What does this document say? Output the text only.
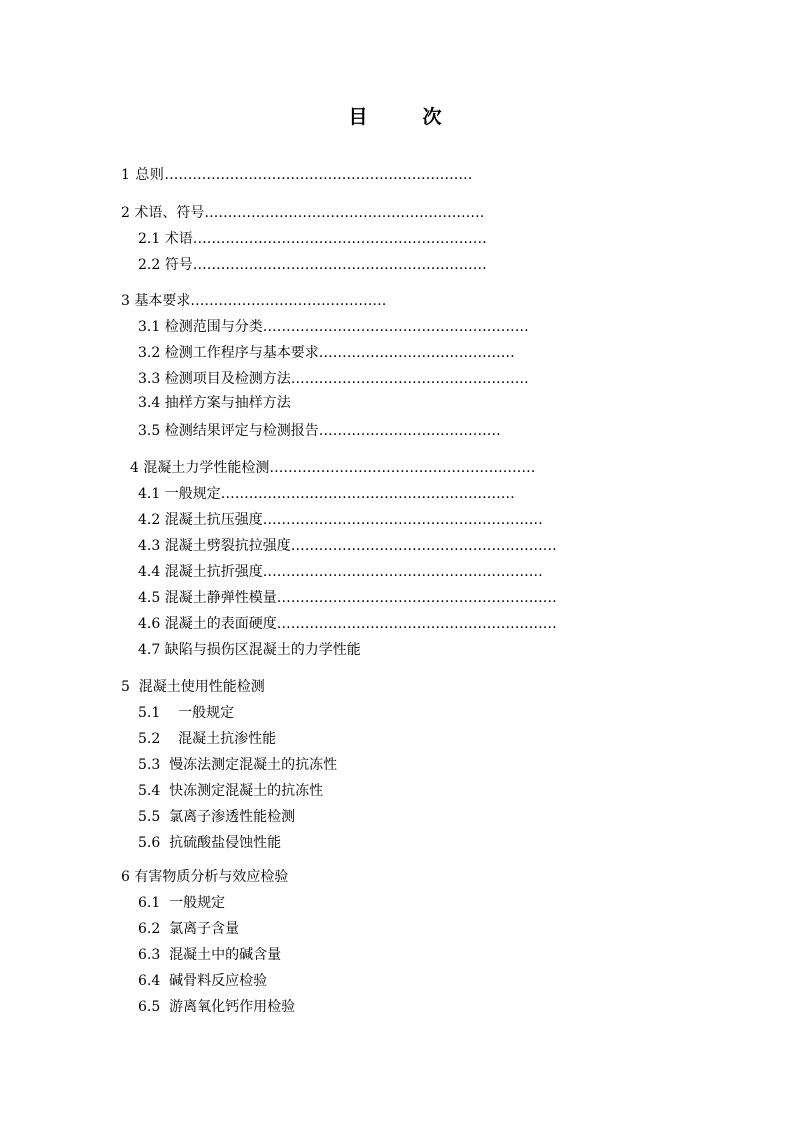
目　次
1 总则…………………………………………………………
2 术语、符号……………………………………………………
2.1 术语………………………………………………………
2.2 符号………………………………………………………
3 基本要求……………………………………
3.1 检测范围与分类…………………………………………………
3.2 检测工作程序与基本要求……………………………………
3.3 检测项目及检测方法……………………………………………
3.4 抽样方案与抽样方法
3.5 检测结果评定与检测报告…………………………………
4 混凝土力学性能检测…………………………………………………
4.1 一般规定………………………………………………………
4.2 混凝土抗压强度……………………………………………………
4.3 混凝土劈裂抗拉强度…………………………………………………
4.4 混凝土抗折强度……………………………………………………
4.5 混凝土静弹性模量……………………………………………………
4.6 混凝土的表面硬度……………………………………………………
4.7 缺陷与损伤区混凝土的力学性能
5  混凝土使用性能检测
5.1    一般规定
5.2    混凝土抗渗性能
5.3  慢冻法测定混凝土的抗冻性
5.4  快冻测定混凝土的抗冻性
5.5  氯离子渗透性能检测
5.6  抗硫酸盐侵蚀性能
6 有害物质分析与效应检验
6.1  一般规定
6.2  氯离子含量
6.3  混凝土中的碱含量
6.4  碱骨料反应检验
6.5  游离氧化钙作用检验
